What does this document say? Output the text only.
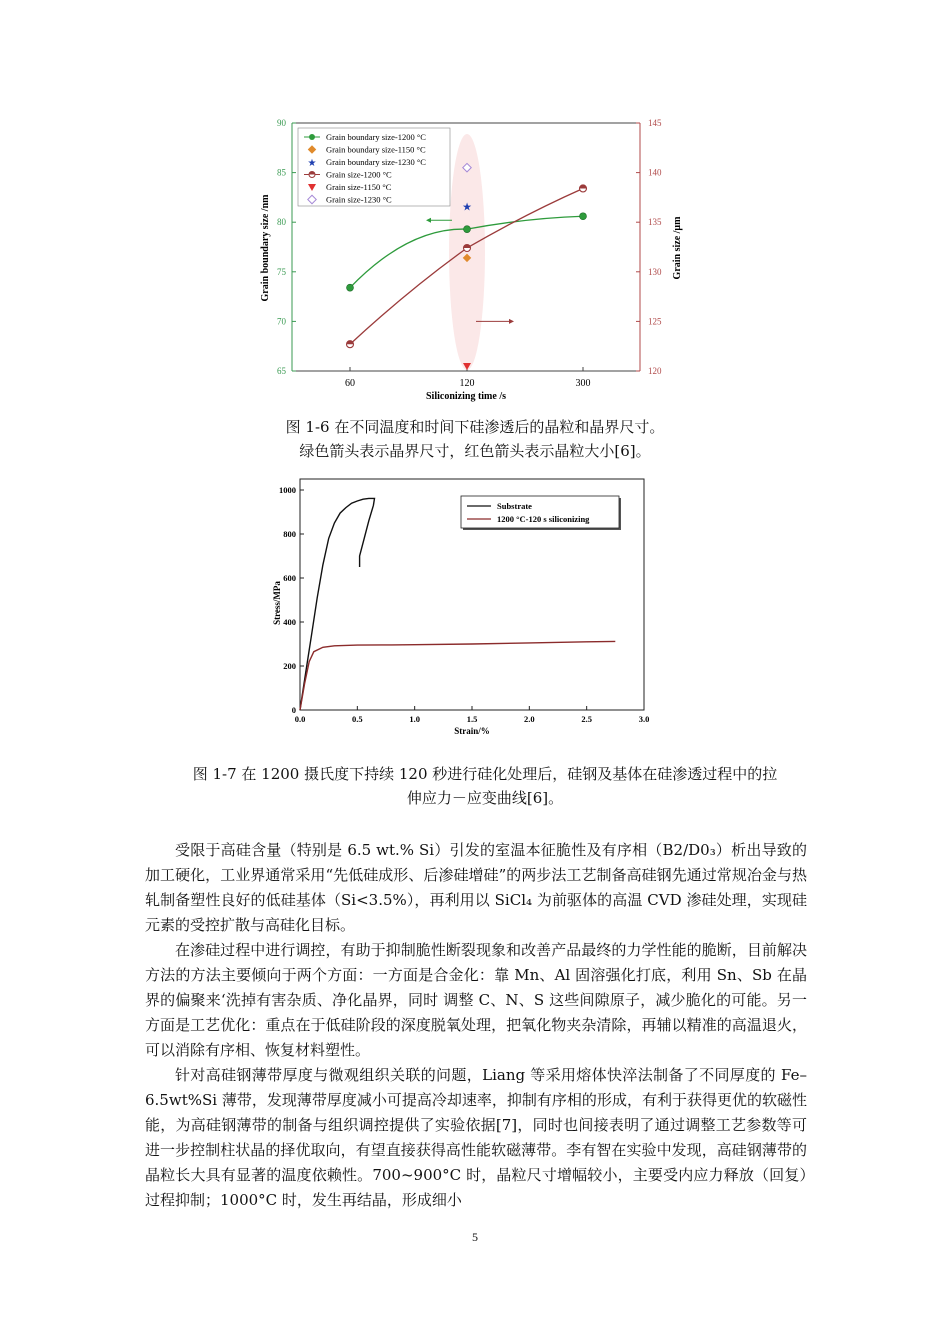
65
70
75
80
85
90
120
125
130
135
140
145
60	120	300
Siliconizing time /s
Grain boundary size /nm	Grain size /μm
★
Grain boundary size-1200 °C
Grain boundary size-1150 °C
★ Grain boundary size-1230 °C
Grain size-1200 °C
Grain size-1150 °C
Grain size-1230 °C
图 1-6 在不同温度和时间下硅渗透后的晶粒和晶界尺寸。
绿色箭头表示晶界尺寸，红色箭头表示晶粒大小[6]。
0.0	0.5	1.0	1.5	2.0	2.5	3.0
0
200
400
600
800
1000
Strain/%
Stress/MPa
Substrate
1200 °C-120 s siliconizing
图 1-7 在 1200 摄氏度下持续 120 秒进行硅化处理后，硅钢及基体在硅渗透过程中的拉
伸应力－应变曲线[6]。

受限于高硅含量（特别是 6.5 wt.% Si）引发的室温本征脆性及有序相（B2/D0₃）析出导致的加工硬化，工业界通常采用“先低硅成形、后渗硅增硅”的两步法工艺制备高硅钢先通过常规冶金与热轧制备塑性良好的低硅基体（Si<3.5%），再利用以 SiCl₄ 为前驱体的高温 CVD 渗硅处理，实现硅元素的受控扩散与高硅化目标。

在渗硅过程中进行调控，有助于抑制脆性断裂现象和改善产品最终的力学性能的脆断，目前解决方法的方法主要倾向于两个方面：一方面是合金化：靠 Mn、Al 固溶强化打底，利用 Sn、Sb 在晶界的偏聚来‘洗掉有害杂质、净化晶界，同时 调整 C、N、S 这些间隙原子，减少脆化的可能。另一方面是工艺优化：重点在于低硅阶段的深度脱氧处理，把氧化物夹杂清除，再辅以精准的高温退火，可以消除有序相、恢复材料塑性。

针对高硅钢薄带厚度与微观组织关联的问题，Liang 等采用熔体快淬法制备了不同厚度的 Fe–6.5wt%Si 薄带，发现薄带厚度减小可提高冷却速率，抑制有序相的形成，有利于获得更优的软磁性能，为高硅钢薄带的制备与组织调控提供了实验依据[7]，同时也间接表明了通过调整工艺参数等可进一步控制柱状晶的择优取向，有望直接获得高性能软磁薄带。李有智在实验中发现，高硅钢薄带的晶粒长大具有显著的温度依赖性。700~900°C 时，晶粒尺寸增幅较小，主要受内应力释放（回复）过程抑制；1000°C 时，发生再结晶，形成细小

5
